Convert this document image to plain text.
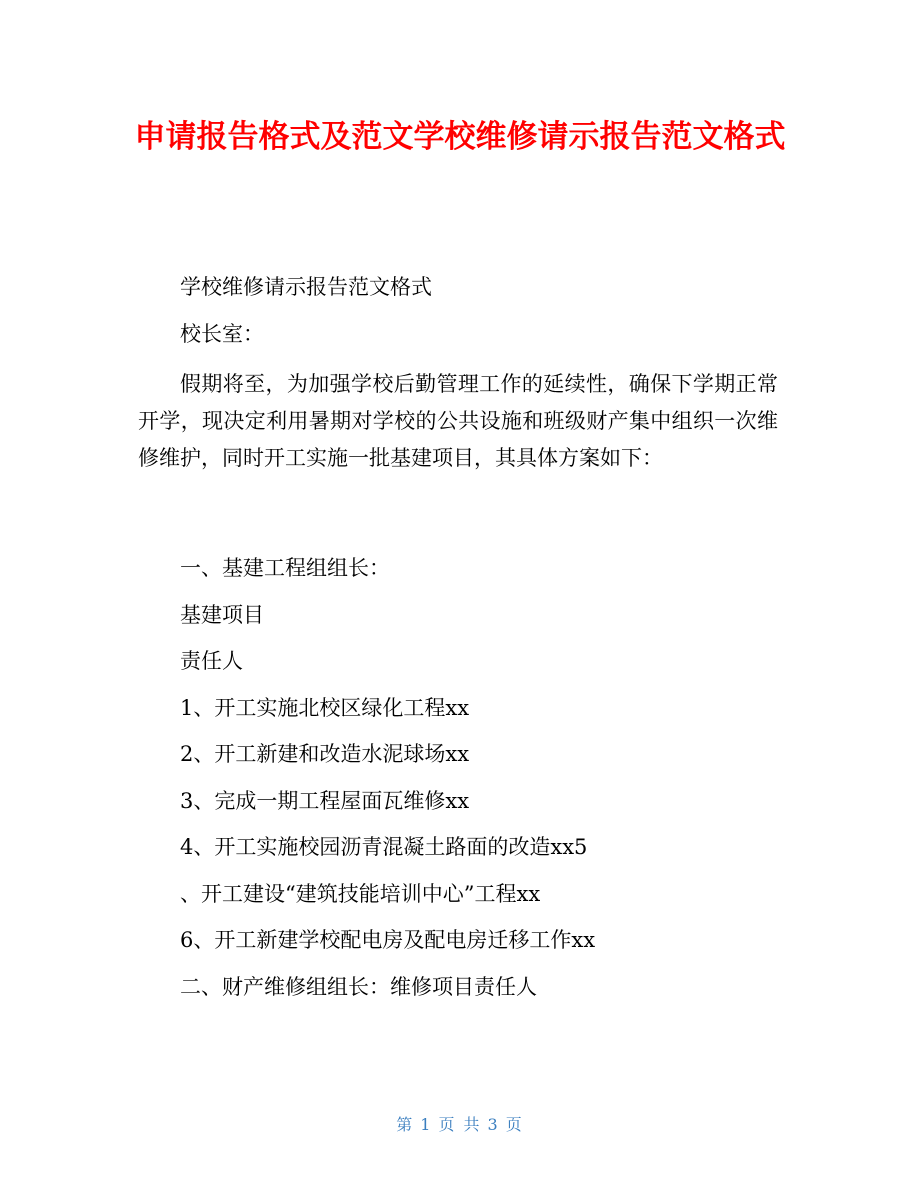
申请报告格式及范文学校维修请示报告范文格式
学校维修请示报告范文格式
校长室：
假期将至，为加强学校后勤管理工作的延续性，确保下学期正常开学，现决定利用暑期对学校的公共设施和班级财产集中组织一次维修维护，同时开工实施一批基建项目，其具体方案如下：
一、基建工程组组长：
基建项目
责任人
1、开工实施北校区绿化工程xx
2、开工新建和改造水泥球场xx
3、完成一期工程屋面瓦维修xx
4、开工实施校园沥青混凝土路面的改造xx5
、开工建设“建筑技能培训中心”工程xx
6、开工新建学校配电房及配电房迁移工作xx
二、财产维修组组长：维修项目责任人
第 1 页 共 3 页
